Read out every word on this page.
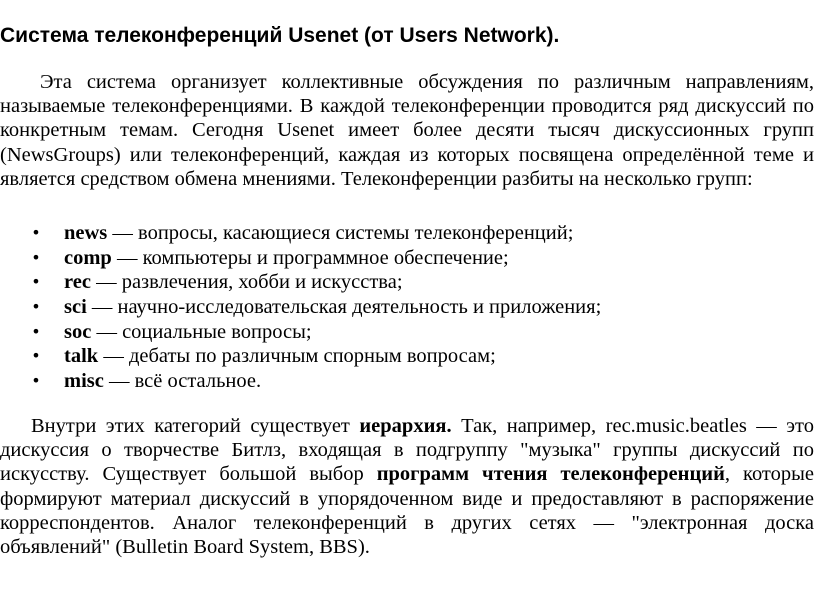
Система телеконференций Usenet (от Users Network).

Эта система организует коллективные обсуждения по различным направлениям, называемые телеконференциями. В каждой телеконференции проводится ряд дискуссий по конкретным темам. Сегодня Usenet имеет более десяти тысяч дискуссионных групп (NewsGroups) или телеконференций, каждая из которых посвящена определённой теме и является средством обмена мнениями. Телеконференции разбиты на несколько групп:

• news — вопросы, касающиеся системы телеконференций;
• comp — компьютеры и программное обеспечение;
• rec — развлечения, хобби и искусства;
• sci — научно-исследовательская деятельность и приложения;
• soc — социальные вопросы;
• talk — дебаты по различным спорным вопросам;
• misc — всё остальное.

Внутри этих категорий существует иерархия. Так, например, rec.music.beatles — это дискуссия о творчестве Битлз, входящая в подгруппу "музыка" группы дискуссий по искусству. Существует большой выбор программ чтения телеконференций, которые формируют материал дискуссий в упорядоченном виде и предоставляют в распоряжение корреспондентов. Аналог телеконференций в других сетях — "электронная доска объявлений" (Bulletin Board System, BBS).
